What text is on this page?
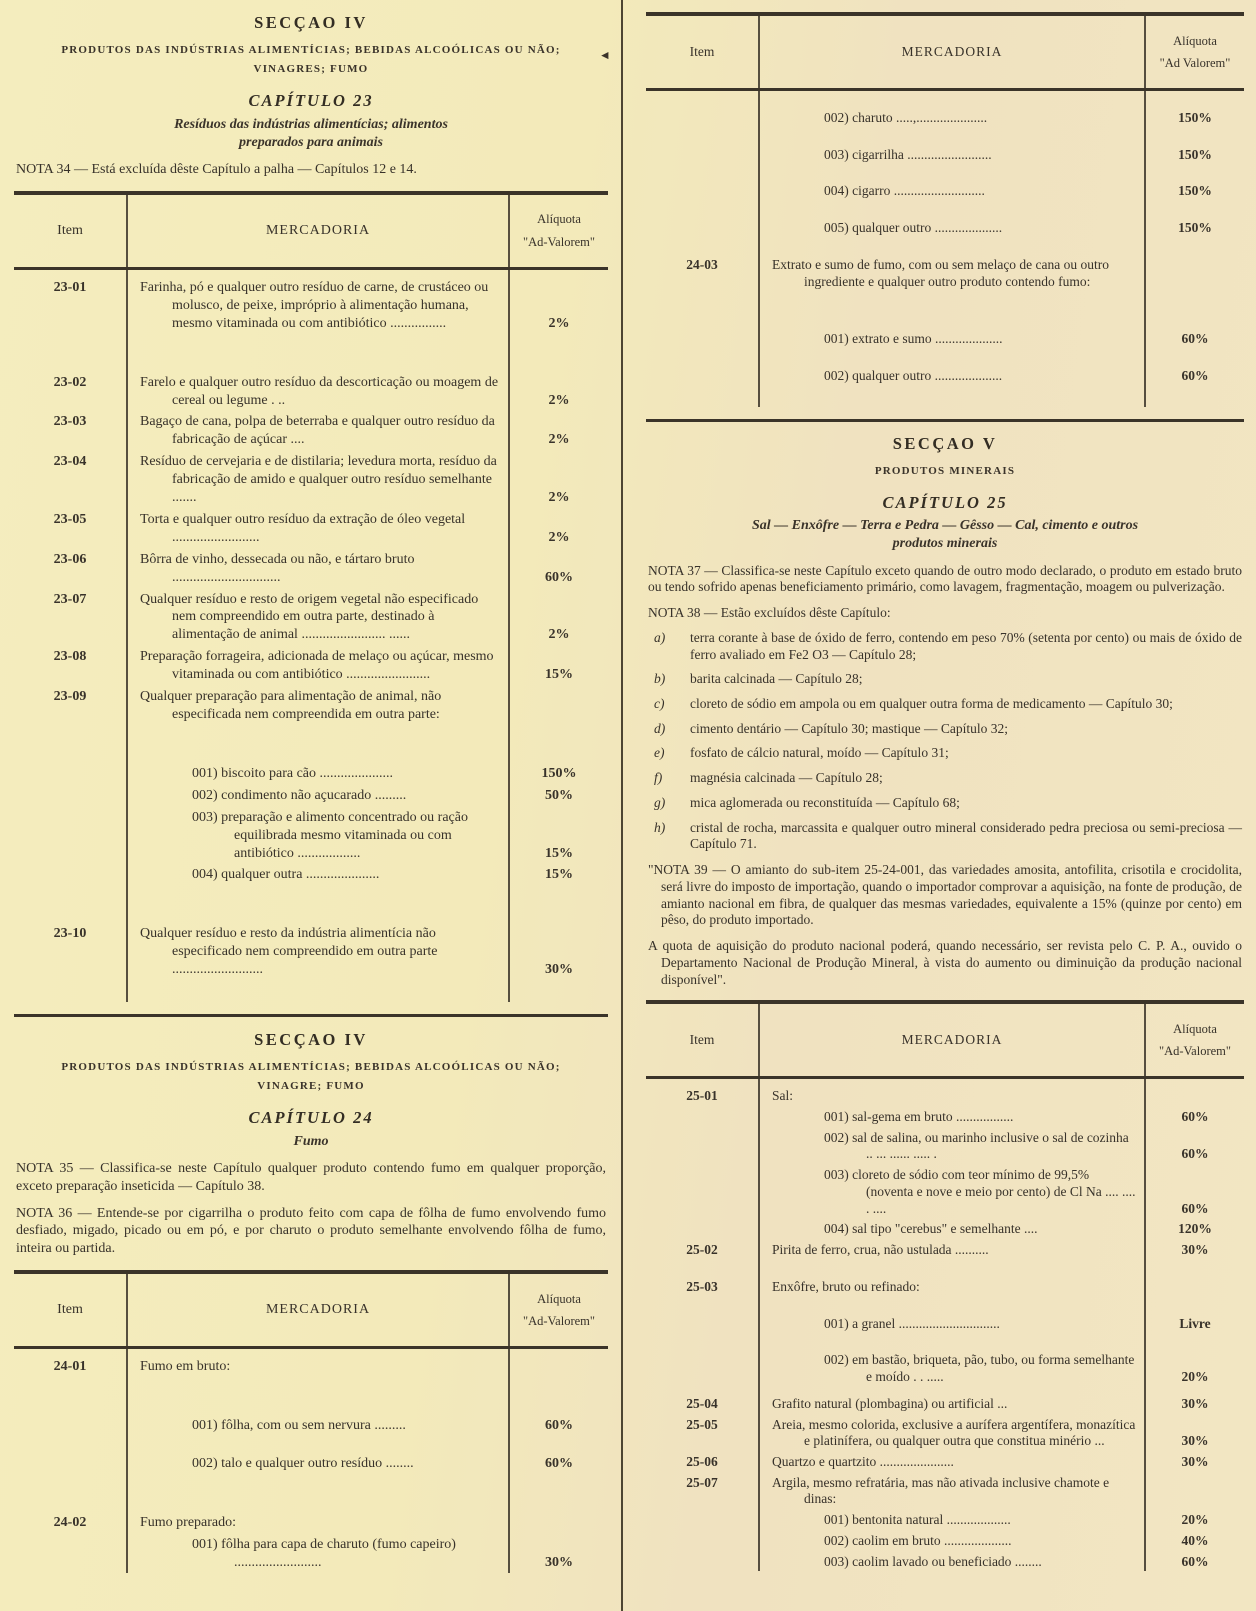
SECÇAO IV
PRODUTOS DAS INDÚSTRIAS ALIMENTÍCIAS; BEBIDAS ALCOÓLICAS OU NÃO;
VINAGRES; FUMO
◄
CAPÍTULO 23
Resíduos das indústrias alimentícias; alimentos
preparados para animais
NOTA 34 — Está excluída dêste Capítulo a palha — Capítulos 12 e 14.
Item	MERCADORIA
Alíquota
"Ad-Valorem"
23-01	Farinha, pó e qualquer outro resíduo de carne, de crustáceo ou molusco, de peixe, impróprio à alimentação humana, mesmo vitaminada ou com antibiótico ................	2%
23-02	Farelo e qualquer outro resíduo da descorticação ou moagem de cereal ou legume . ..	2%
23-03	Bagaço de cana, polpa de beterraba e qualquer outro resíduo da fabricação de açúcar ....	2%
23-04	Resíduo de cervejaria e de distilaria; levedura morta, resíduo da fabricação de amido e qualquer outro resíduo semelhante .......	2%
23-05	Torta e qualquer outro resíduo da extração de óleo vegetal .........................	2%
23-06	Bôrra de vinho, dessecada ou não, e tártaro bruto ...............................	60%
23-07	Qualquer resíduo e resto de origem vegetal não especificado nem compreendido em outra parte, destinado à alimentação de animal ........................ ......	2%
23-08	Preparação forrageira, adicionada de melaço ou açúcar, mesmo vitaminada ou com antibiótico ........................	15%
23-09	Qualquer preparação para alimentação de animal, não especificada nem compreendida em outra parte:
001) biscoito para cão .....................	150%
002) condimento não açucarado .........	50%
003) preparação e alimento concentrado ou ração equilibrada mesmo vitaminada ou com antibiótico ..................	15%
004) qualquer outra .....................	15%
23-10	Qualquer resíduo e resto da indústria alimentícia não especificado nem compreendido em outra parte ..........................	30%

SECÇAO IV
PRODUTOS DAS INDÚSTRIAS ALIMENTÍCIAS; BEBIDAS ALCOÓLICAS OU NÃO;
VINAGRE; FUMO
CAPÍTULO 24
Fumo
NOTA 35 — Classifica-se neste Capítulo qualquer produto contendo fumo em qualquer proporção, exceto preparação inseticida — Capítulo 38.
NOTA 36 — Entende-se por cigarrilha o produto feito com capa de fôlha de fumo envolvendo fumo desfiado, migado, picado ou em pó, e por charuto o produto semelhante envolvendo fôlha de fumo, inteira ou partida.
Item	MERCADORIA
Alíquota
"Ad-Valorem"
24-01	Fumo em bruto:
001) fôlha, com ou sem nervura .........	60%
002) talo e qualquer outro resíduo ........	60%
24-02	Fumo preparado:
001) fôlha para capa de charuto (fumo capeiro) .........................	30%
Item	MERCADORIA
Alíquota
"Ad Valorem"
002) charuto .....,.....................	150%
003) cigarrilha .........................	150%
004) cigarro ...........................	150%
005) qualquer outro ....................	150%
24-03	Extrato e sumo de fumo, com ou sem melaço de cana ou outro ingrediente e qualquer outro produto contendo fumo:
001) extrato e sumo ....................	60%
002) qualquer outro ....................	60%

SECÇAO V
PRODUTOS MINERAIS
CAPÍTULO 25
Sal — Enxôfre — Terra e Pedra — Gêsso — Cal, cimento e outros
produtos minerais
NOTA 37 — Classifica-se neste Capítulo exceto quando de outro modo declarado, o produto em estado bruto ou tendo sofrido apenas beneficiamento primário, como lavagem, fragmentação, moagem ou pulverização.
NOTA 38 — Estão excluídos dêste Capítulo:
a)	terra corante à base de óxido de ferro, contendo em peso 70% (setenta por cento) ou mais de óxido de ferro avaliado em Fe2 O3 — Capítulo 28;
b)	barita calcinada — Capítulo 28;
c)	cloreto de sódio em ampola ou em qualquer outra forma de medicamento — Capítulo 30;
d)	cimento dentário — Capítulo 30; mastique — Capítulo 32;
e)	fosfato de cálcio natural, moído — Capítulo 31;
f)	magnésia calcinada — Capítulo 28;
g)	mica aglomerada ou reconstituída — Capítulo 68;
h)	cristal de rocha, marcassita e qualquer outro mineral considerado pedra preciosa ou semi-preciosa — Capítulo 71.
"NOTA 39 — O amianto do sub-item 25-24-001, das variedades amosita, antofilita, crisotila e crocidolita, será livre do imposto de importação, quando o importador comprovar a aquisição, na fonte de produção, de amianto nacional em fibra, de qualquer das mesmas variedades, equivalente a 15% (quinze por cento) em pêso, do produto importado.
A quota de aquisição do produto nacional poderá, quando necessário, ser revista pelo C. P. A., ouvido o Departamento Nacional de Produção Mineral, à vista do aumento ou diminuição da produção nacional disponível".
Item	MERCADORIA
Alíquota
"Ad-Valorem"
25-01	Sal:
001) sal-gema em bruto .................	60%
002) sal de salina, ou marinho inclusive o sal de cozinha .. ... ...... ..... .	60%
003) cloreto de sódio com teor mínimo de 99,5% (noventa e nove e meio por cento) de Cl Na .... .... . ....	60%
004) sal tipo "cerebus" e semelhante ....	120%
25-02	Pirita de ferro, crua, não ustulada ..........	30%
25-03	Enxôfre, bruto ou refinado:
001) a granel ..............................	Livre
002) em bastão, briqueta, pão, tubo, ou forma semelhante e moído . . .....	20%
25-04	Grafito natural (plombagina) ou artificial ...	30%
25-05	Areia, mesmo colorida, exclusive a aurífera argentífera, monazítica e platinífera, ou qualquer outra que constitua minério ...	30%
25-06	Quartzo e quartzito ......................	30%
25-07	Argila, mesmo refratária, mas não ativada inclusive chamote e dinas:
001) bentonita natural ...................	20%
002) caolim em bruto ....................	40%
003) caolim lavado ou beneficiado ........	60%
